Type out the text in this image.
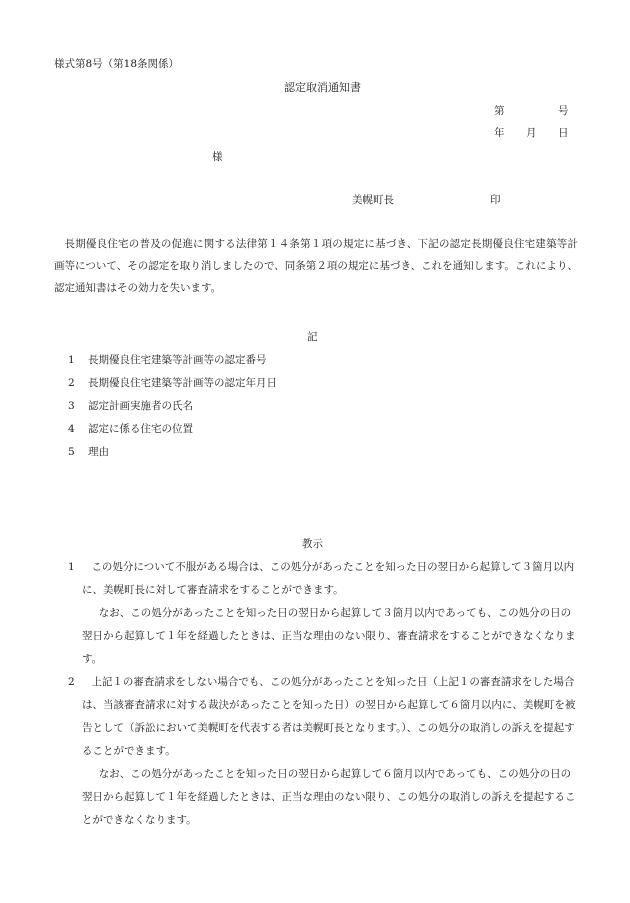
様式第8号（第18条関係）
認定取消通知書
第	号
年 月 日
様
美幌町長	印
長期優良住宅の普及の促進に関する法律第１４条第１項の規定に基づき、下記の認定長期優良住宅建築等計画等について、その認定を取り消しましたので、同条第２項の規定に基づき、これを通知します。これにより、認定通知書はその効力を失います。
記
1 長期優良住宅建築等計画等の認定番号
2 長期優良住宅建築等計画等の認定年月日
3 認定計画実施者の氏名
4 認定に係る住宅の位置
5 理由
教示
1	この処分について不服がある場合は、この処分があったことを知った日の翌日から起算して３箇月以内に、美幌町長に対して審査請求をすることができます。
なお、この処分があったことを知った日の翌日から起算して３箇月以内であっても、この処分の日の翌日から起算して１年を経過したときは、正当な理由のない限り、審査請求をすることができなくなります。
2	上記１の審査請求をしない場合でも、この処分があったことを知った日（上記１の審査請求をした場合は、当該審査請求に対する裁決があったことを知った日）の翌日から起算して６箇月以内に、美幌町を被告として（訴訟において美幌町を代表する者は美幌町長となります。）、この処分の取消しの訴えを提起することができます。
なお、この処分があったことを知った日の翌日から起算して６箇月以内であっても、この処分の日の翌日から起算して１年を経過したときは、正当な理由のない限り、この処分の取消しの訴えを提起することができなくなります。
